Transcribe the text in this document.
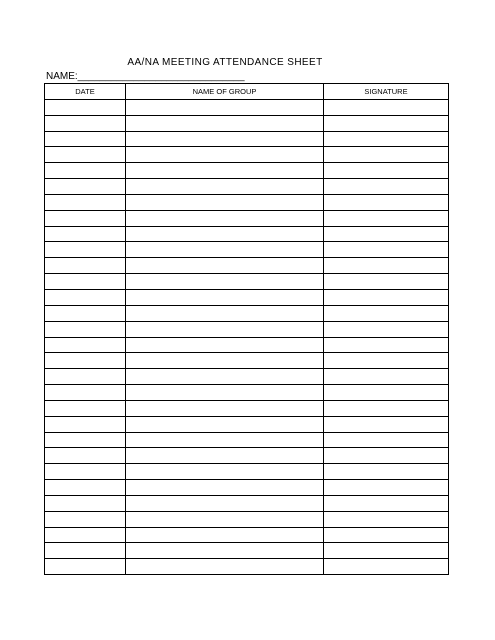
AA/NA MEETING ATTENDANCE SHEET
NAME:______________________________
DATE	NAME OF GROUP	SIGNATURE
